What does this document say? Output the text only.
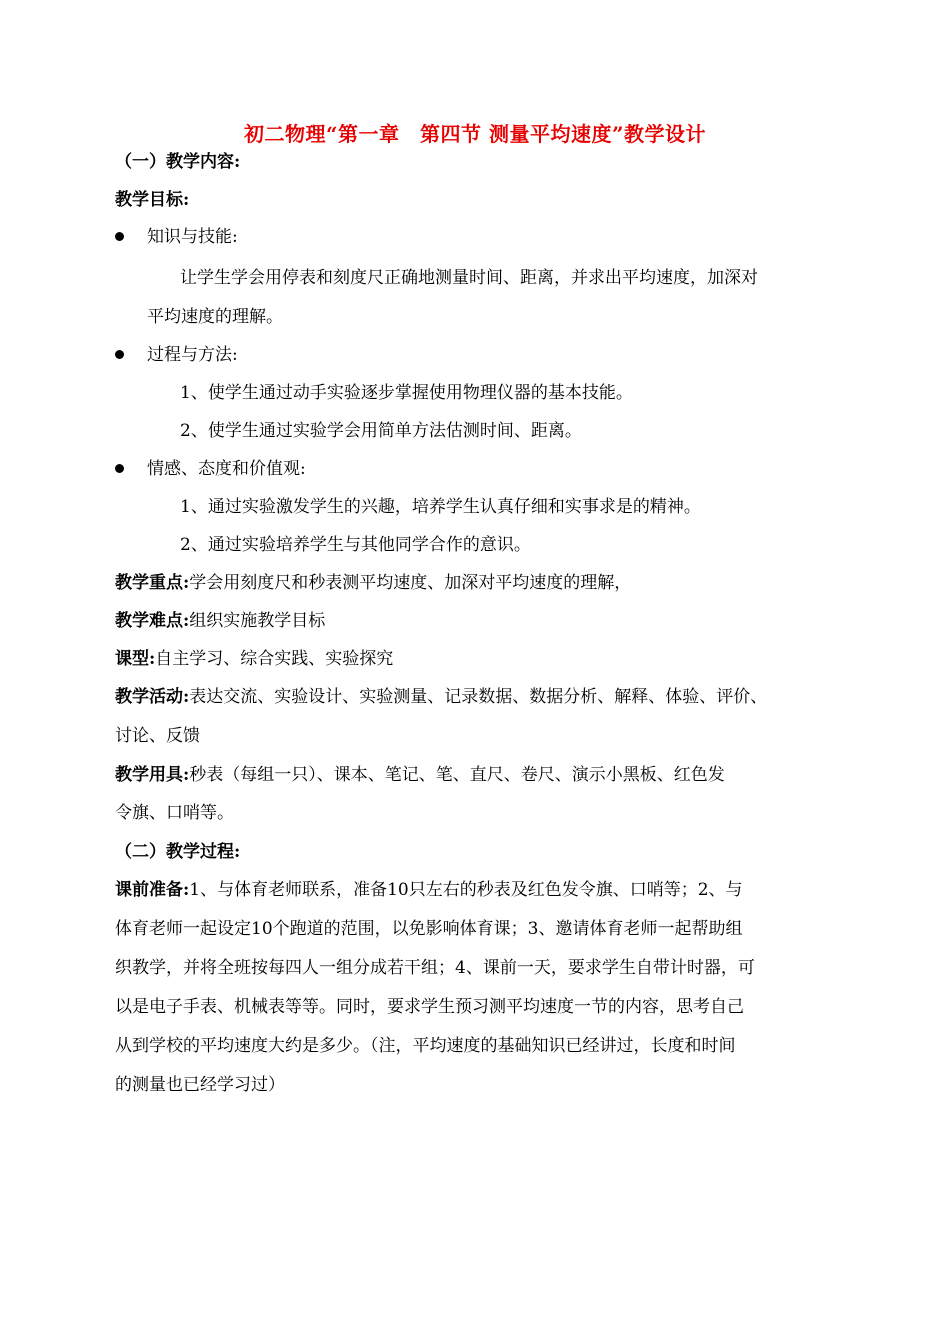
初二物理“第一章　第四节 测量平均速度”教学设计
（一）教学内容:
教学目标:
知识与技能:
让学生学会用停表和刻度尺正确地测量时间、距离，并求出平均速度，加深对
平均速度的理解。
过程与方法:
1、使学生通过动手实验逐步掌握使用物理仪器的基本技能。
2、使学生通过实验学会用简单方法估测时间、距离。
情感、态度和价值观:
1、通过实验激发学生的兴趣，培养学生认真仔细和实事求是的精神。
2、通过实验培养学生与其他同学合作的意识。
教学重点:学会用刻度尺和秒表测平均速度、加深对平均速度的理解，
教学难点:组织实施教学目标
课型:自主学习、综合实践、实验探究
教学活动:表达交流、实验设计、实验测量、记录数据、数据分析、解释、体验、评价、
讨论、反馈
教学用具:秒表（每组一只）、课本、笔记、笔、直尺、卷尺、演示小黑板、红色发
令旗、口哨等。
（二）教学过程:
课前准备:1、与体育老师联系，准备10只左右的秒表及红色发令旗、口哨等；2、与
体育老师一起设定10个跑道的范围，以免影响体育课；3、邀请体育老师一起帮助组
织教学，并将全班按每四人一组分成若干组；4、课前一天，要求学生自带计时器，可
以是电子手表、机械表等等。同时，要求学生预习测平均速度一节的内容，思考自己
从到学校的平均速度大约是多少。（注，平均速度的基础知识已经讲过，长度和时间
的测量也已经学习过）
